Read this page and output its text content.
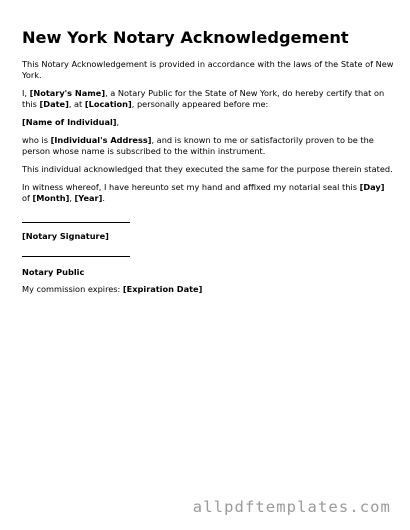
New York Notary Acknowledgement

This Notary Acknowledgement is provided in accordance with the laws of the State of New York.

I, [Notary's Name], a Notary Public for the State of New York, do hereby certify that on this [Date], at [Location], personally appeared before me:

[Name of Individual],

who is [Individual's Address], and is known to me or satisfactorily proven to be the person whose name is subscribed to the within instrument.

This individual acknowledged that they executed the same for the purpose therein stated.

In witness whereof, I have hereunto set my hand and affixed my notarial seal this [Day] of [Month], [Year].

[Notary Signature]
Notary Public
My commission expires: [Expiration Date]
allpdftemplates.com
